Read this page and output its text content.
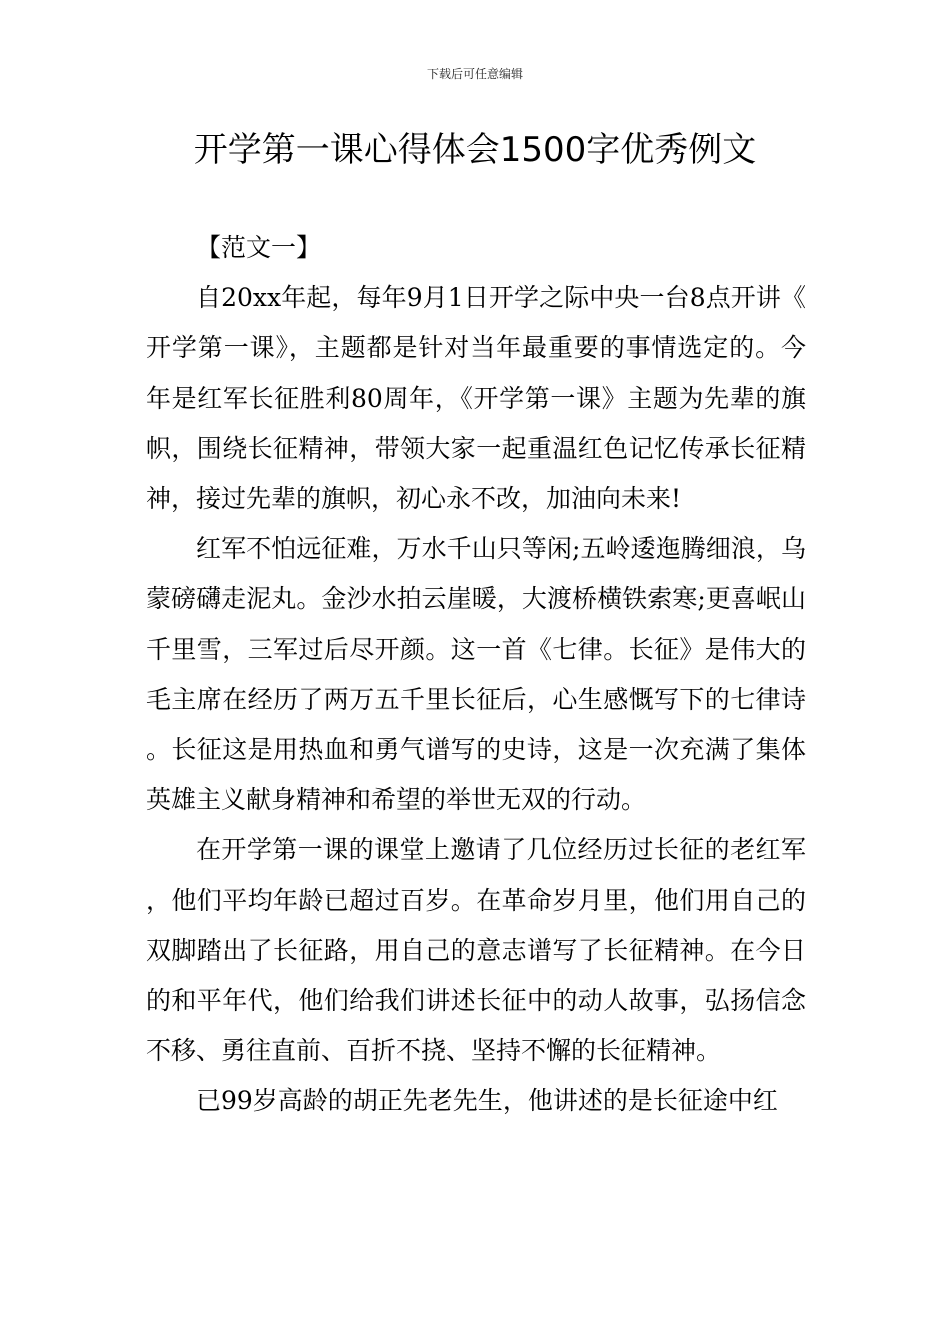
下载后可任意编辑
开学第一课心得体会1500字优秀例文
【范文一】

自20xx年起，每年9月1日开学之际中央一台8点开讲《开学第一课》，主题都是针对当年最重要的事情选定的。今年是红军长征胜利80周年，《开学第一课》主题为先辈的旗帜，围绕长征精神，带领大家一起重温红色记忆传承长征精神，接过先辈的旗帜，初心永不改，加油向未来!

红军不怕远征难，万水千山只等闲;五岭逶迤腾细浪，乌蒙磅礴走泥丸。金沙水拍云崖暖，大渡桥横铁索寒;更喜岷山千里雪，三军过后尽开颜。这一首《七律。长征》是伟大的毛主席在经历了两万五千里长征后，心生感慨写下的七律诗。长征这是用热血和勇气谱写的史诗，这是一次充满了集体英雄主义献身精神和希望的举世无双的行动。

在开学第一课的课堂上邀请了几位经历过长征的老红军，他们平均年龄已超过百岁。在革命岁月里，他们用自己的双脚踏出了长征路，用自己的意志谱写了长征精神。在今日的和平年代，他们给我们讲述长征中的动人故事，弘扬信念不移、勇往直前、百折不挠、坚持不懈的长征精神。

已99岁高龄的胡正先老先生，他讲述的是长征途中红
